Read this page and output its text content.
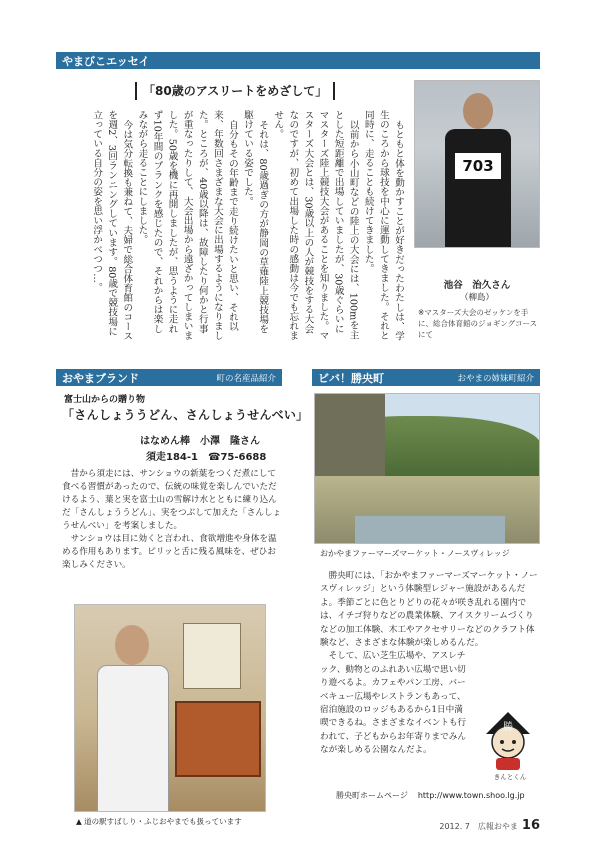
やまびこエッセイ
「80歳のアスリートをめざして」

もともと体を動かすことが好きだったわたしは、学生のころから球技を中心に運動してきました。それと同時に、走ることも続けてきました。

以前から小山町などの陸上の大会には、100mを主とした短距離で出場していましたが、30歳ぐらいにマスターズ陸上競技大会があることを知りました。マスターズ大会とは、30歳以上の人が競技をする大会なのですが、初めて出場した時の感動は今でも忘れません。

それは、80歳過ぎの方が静岡の草薙陸上競技場を駆けている姿でした。

自分もその年齢まで走り続けたいと思い、それ以来、年数回さまざまな大会に出場するようになりました。ところが、40歳以降は、故障したり何かと行事が重なったりして、大会出場から遠ざかってしまいました。50歳を機に再開しましたが、思うように走れず10年間のブランクを感じたので、それからは楽しみながら走ることにしました。

今は気分転換も兼ねて、夫婦で総合体育館のコースを週2、3回ランニングしています。80歳で競技場に立っている自分の姿を思い浮かべつつ…。	703
池谷　治久さん
（柳島）
※マスターズ大会のゼッケンを手に、総合体育館のジョギングコースにて
おやまブランド	町の名産品紹介
富士山からの贈り物
「さんしょううどん、さんしょうせんべい」
はなめん棒　小澤　隆さん
須走184-1　☎75-6688

昔から須走には、サンショウの新葉をつくだ煮にして食べる習慣があったので、伝統の味覚を楽しんでいただけるよう、葉と実を富士山の雪解け水とともに練り込んだ「さんしょううどん」、実をつぶして加えた「さんしょうせんべい」を考案しました。

サンショウは目に効くと言われ、食欲増進や身体を温める作用もあります。ピリッと舌に残る風味を、ぜひお楽しみください。

▲ 道の駅すばしり・ふじおやまでも扱っています
ビバ！勝央町	おやまの姉妹町紹介
おかやまファーマーズマーケット・ノースヴィレッジ

勝央町には、「おかやまファーマーズマーケット・ノースヴィレッジ」という体験型レジャー施設があるんだよ。季節ごとに色とりどりの花々が咲き乱れる園内では、イチゴ狩りなどの農業体験、アイスクリームづくりなどの加工体験、木工やアクセサリーなどのクラフト体験など、さまざまな体験が楽しめるんだ。

そして、広い芝生広場や、アスレチック、動物とのふれあい広場で思い切り遊べるよ。カフェやパン工房、バーベキュー広場やレストランもあって、宿泊施設のロッジもあるから1日中満喫できるね。さまざまなイベントも行われて、子どもからお年寄りまでみんなが楽しめる公園なんだよ。

勝
きんとくん
勝央町ホームページ http://www.town.shoo.lg.jp
2012. 7　広報おやま 16
